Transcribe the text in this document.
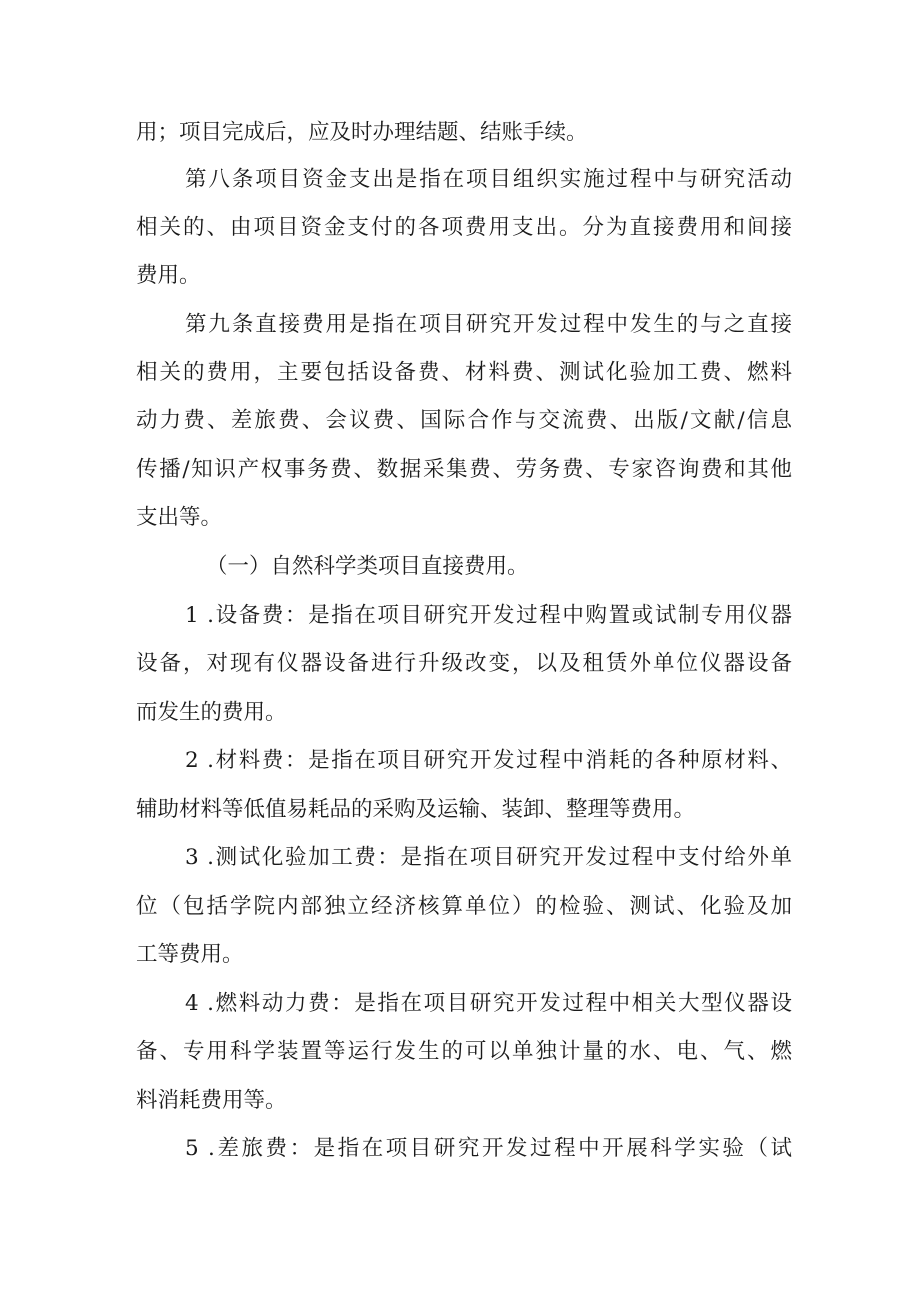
用；项目完成后，应及时办理结题、结账手续。
第八条项目资金支出是指在项目组织实施过程中与研究活动
相关的、由项目资金支付的各项费用支出。分为直接费用和间接
费用。
第九条直接费用是指在项目研究开发过程中发生的与之直接
相关的费用，主要包括设备费、材料费、测试化验加工费、燃料
动力费、差旅费、会议费、国际合作与交流费、出版/文献/信息
传播/知识产权事务费、数据采集费、劳务费、专家咨询费和其他
支出等。
（一）自然科学类项目直接费用。
1 .设备费：是指在项目研究开发过程中购置或试制专用仪器
设备，对现有仪器设备进行升级改变，以及租赁外单位仪器设备
而发生的费用。
2 .材料费：是指在项目研究开发过程中消耗的各种原材料、
辅助材料等低值易耗品的采购及运输、装卸、整理等费用。
3 .测试化验加工费：是指在项目研究开发过程中支付给外单
位（包括学院内部独立经济核算单位）的检验、测试、化验及加
工等费用。
4 .燃料动力费：是指在项目研究开发过程中相关大型仪器设
备、专用科学装置等运行发生的可以单独计量的水、电、气、燃
料消耗费用等。
5 .差旅费：是指在项目研究开发过程中开展科学实验（试
